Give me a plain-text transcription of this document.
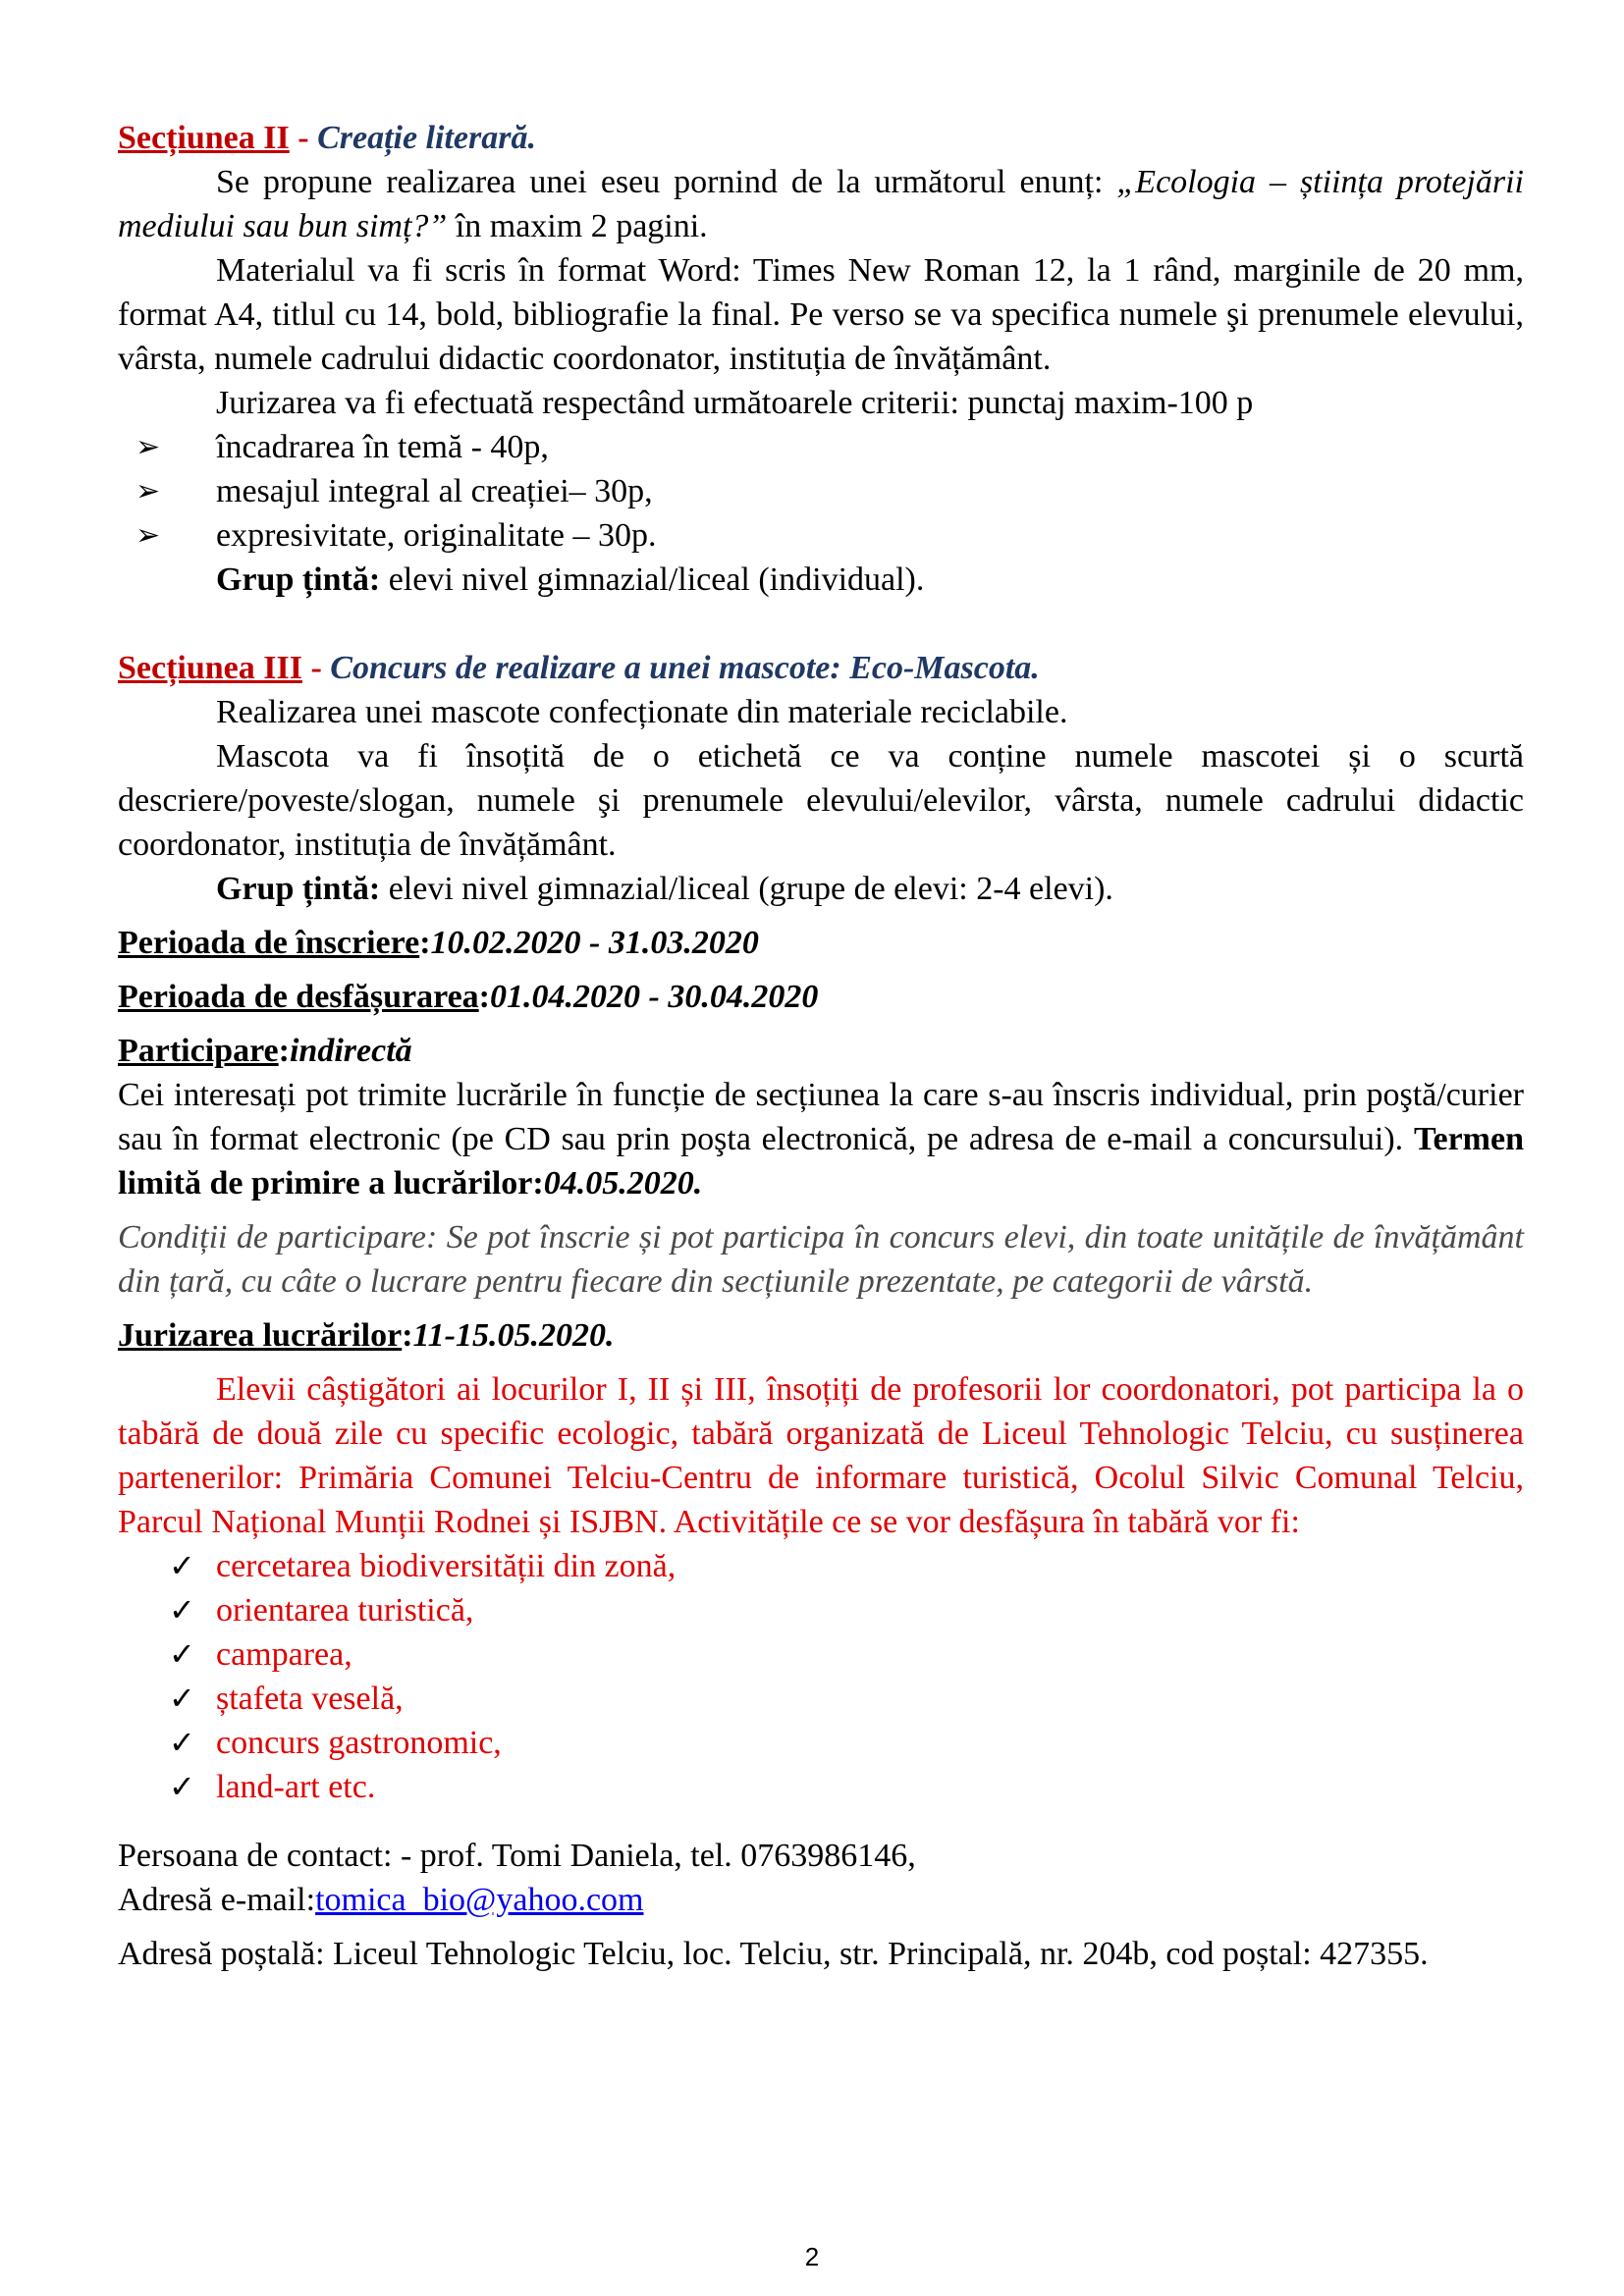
Secțiunea II - Creație literară.

Se propune realizarea unei eseu pornind de la următorul enunț: „Ecologia – știința protejării mediului sau bun simț?” în maxim 2 pagini.

Materialul va fi scris în format Word: Times New Roman 12, la 1 rând, marginile de 20 mm, format A4, titlul cu 14, bold, bibliografie la final. Pe verso se va specifica numele şi prenumele elevului, vârsta, numele cadrului didactic coordonator, instituția de învățământ.

Jurizarea va fi efectuată respectând următoarele criterii: punctaj maxim-100 p

➢ încadrarea în temă - 40p,
➢ mesajul integral al creației– 30p,
➢ expresivitate, originalitate – 30p.

Grup țintă: elevi nivel gimnazial/liceal (individual).

Secțiunea III - Concurs de realizare a unei mascote: Eco-Mascota.

Realizarea unei mascote confecționate din materiale reciclabile.

Mascota va fi însoțită de o etichetă ce va conține numele mascotei și o scurtă descriere/poveste/slogan, numele şi prenumele elevului/elevilor, vârsta, numele cadrului didactic coordonator, instituția de învățământ.

Grup țintă: elevi nivel gimnazial/liceal (grupe de elevi: 2-4 elevi).

Perioada de înscriere:10.02.2020 - 31.03.2020

Perioada de desfășurarea:01.04.2020 - 30.04.2020

Participare:indirectă

Cei interesați pot trimite lucrările în funcție de secțiunea la care s-au înscris individual, prin poştă/curier sau în format electronic (pe CD sau prin poşta electronică, pe adresa de e-mail a concursului). Termen limită de primire a lucrărilor:04.05.2020.

Condiții de participare: Se pot înscrie și pot participa în concurs elevi, din toate unitățile de învățământ din țară, cu câte o lucrare pentru fiecare din secțiunile prezentate, pe categorii de vârstă.

Jurizarea lucrărilor:11-15.05.2020.

Elevii câștigători ai locurilor I, II și III, însoțiți de profesorii lor coordonatori, pot participa la o tabără de două zile cu specific ecologic, tabără organizată de Liceul Tehnologic Telciu, cu susținerea partenerilor: Primăria Comunei Telciu-Centru de informare turistică, Ocolul Silvic Comunal Telciu, Parcul Național Munții Rodnei și ISJBN. Activitățile ce se vor desfășura în tabără vor fi:

✓ cercetarea biodiversității din zonă,
✓ orientarea turistică,
✓ camparea,
✓ ștafeta veselă,
✓ concurs gastronomic,
✓ land-art etc.

Persoana de contact: - prof. Tomi Daniela, tel. 0763986146,

Adresă e-mail:tomica_bio@yahoo.com

Adresă poștală: Liceul Tehnologic Telciu, loc. Telciu, str. Principală, nr. 204b, cod poștal: 427355.

2
